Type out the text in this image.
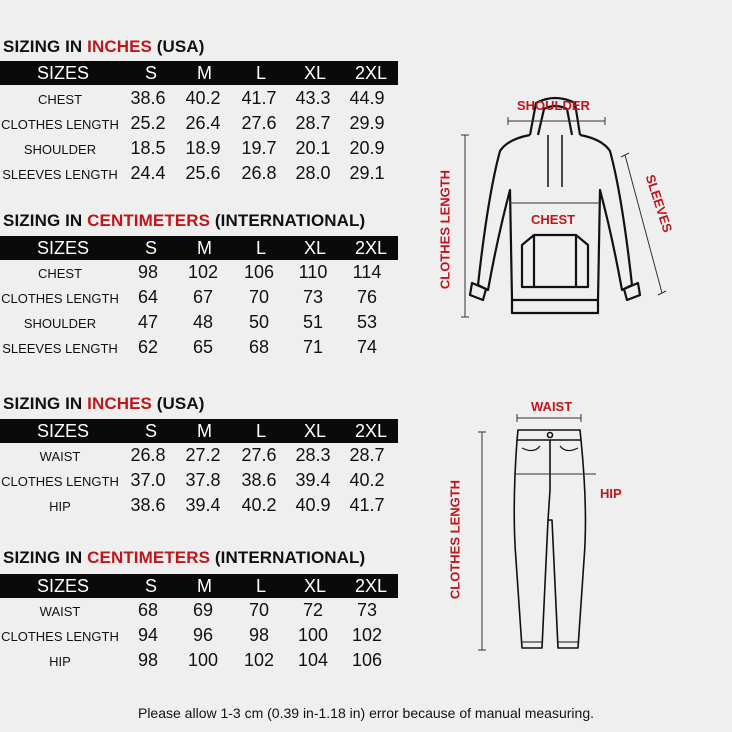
SIZING IN INCHES (USA)
SIZES	S M L XL 2XL
CHEST	38.6 40.2 41.7 43.3 44.9
CLOTHES LENGTH 25.2 26.4 27.6 28.7 29.9
SHOULDER	18.5 18.9 19.7 20.1 20.9
SLEEVES LENGTH 24.4 25.6 26.8 28.0 29.1
SIZING IN CENTIMETERS (INTERNATIONAL)
SIZES	S M L XL 2XL
CHEST	98	102	106	110	114
CLOTHES LENGTH	64	67	70	73	76
SHOULDER	47	48	50	51	53
SLEEVES LENGTH	62	65	68	71	74
SIZING IN INCHES (USA)
SIZES	S M L XL 2XL
WAIST	26.8 27.2 27.6 28.3 28.7
CLOTHES LENGTH 37.0 37.8 38.6 39.4 40.2
HIP	38.6 39.4 40.2 40.9 41.7
SIZING IN CENTIMETERS (INTERNATIONAL)
SIZES	S M L XL 2XL
WAIST	68	69	70	72	73
CLOTHES LENGTH	94	96	98	100	102
HIP	98	100	102	104	106
SHOULDER
CHEST
CLOTHES LENGTH	SLEEVES
WAIST
HIP
CLOTHES LENGTH
Please allow 1-3 cm (0.39 in-1.18 in) error because of manual measuring.
